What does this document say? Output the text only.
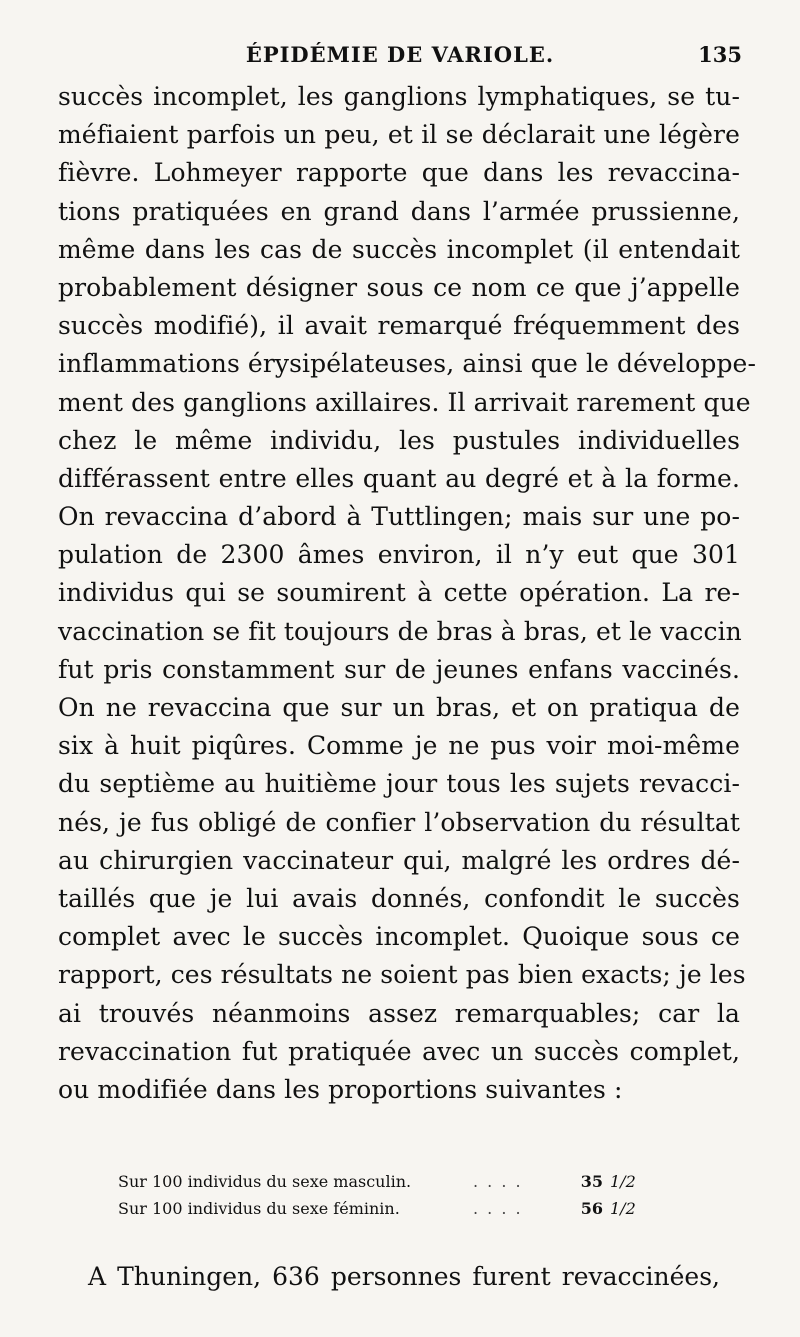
ÉPIDÉMIE DE VARIOLE.	135
succès incomplet, les ganglions lymphatiques, se tu-
méfiaient parfois un peu, et il se déclarait une légère
fièvre. Lohmeyer rapporte que dans les revaccina-
tions pratiquées en grand dans l’armée prussienne,
même dans les cas de succès incomplet (il entendait
probablement désigner sous ce nom ce que j’appelle
succès modifié), il avait remarqué fréquemment des
inflammations érysipélateuses, ainsi que le développe-
ment des ganglions axillaires. Il arrivait rarement que
chez le même individu, les pustules individuelles
différassent entre elles quant au degré et à la forme.
On revaccina d’abord à Tuttlingen; mais sur une po-
pulation de 2300 âmes environ, il n’y eut que 301
individus qui se soumirent à cette opération. La re-
vaccination se fit toujours de bras à bras, et le vaccin
fut pris constamment sur de jeunes enfans vaccinés.
On ne revaccina que sur un bras, et on pratiqua de
six à huit piqûres. Comme je ne pus voir moi-même
du septième au huitième jour tous les sujets revacci-
nés, je fus obligé de confier l’observation du résultat
au chirurgien vaccinateur qui, malgré les ordres dé-
taillés que je lui avais donnés, confondit le succès
complet avec le succès incomplet. Quoique sous ce
rapport, ces résultats ne soient pas bien exacts; je les
ai trouvés néanmoins assez remarquables; car la
revaccination fut pratiquée avec un succès complet,
ou modifiée dans les proportions suivantes :
Sur 100 individus du sexe masculin.	. . . .	35 1/2
Sur 100 individus du sexe féminin.	. . . .	56 1/2
A Thuningen, 636 personnes furent revaccinées,
